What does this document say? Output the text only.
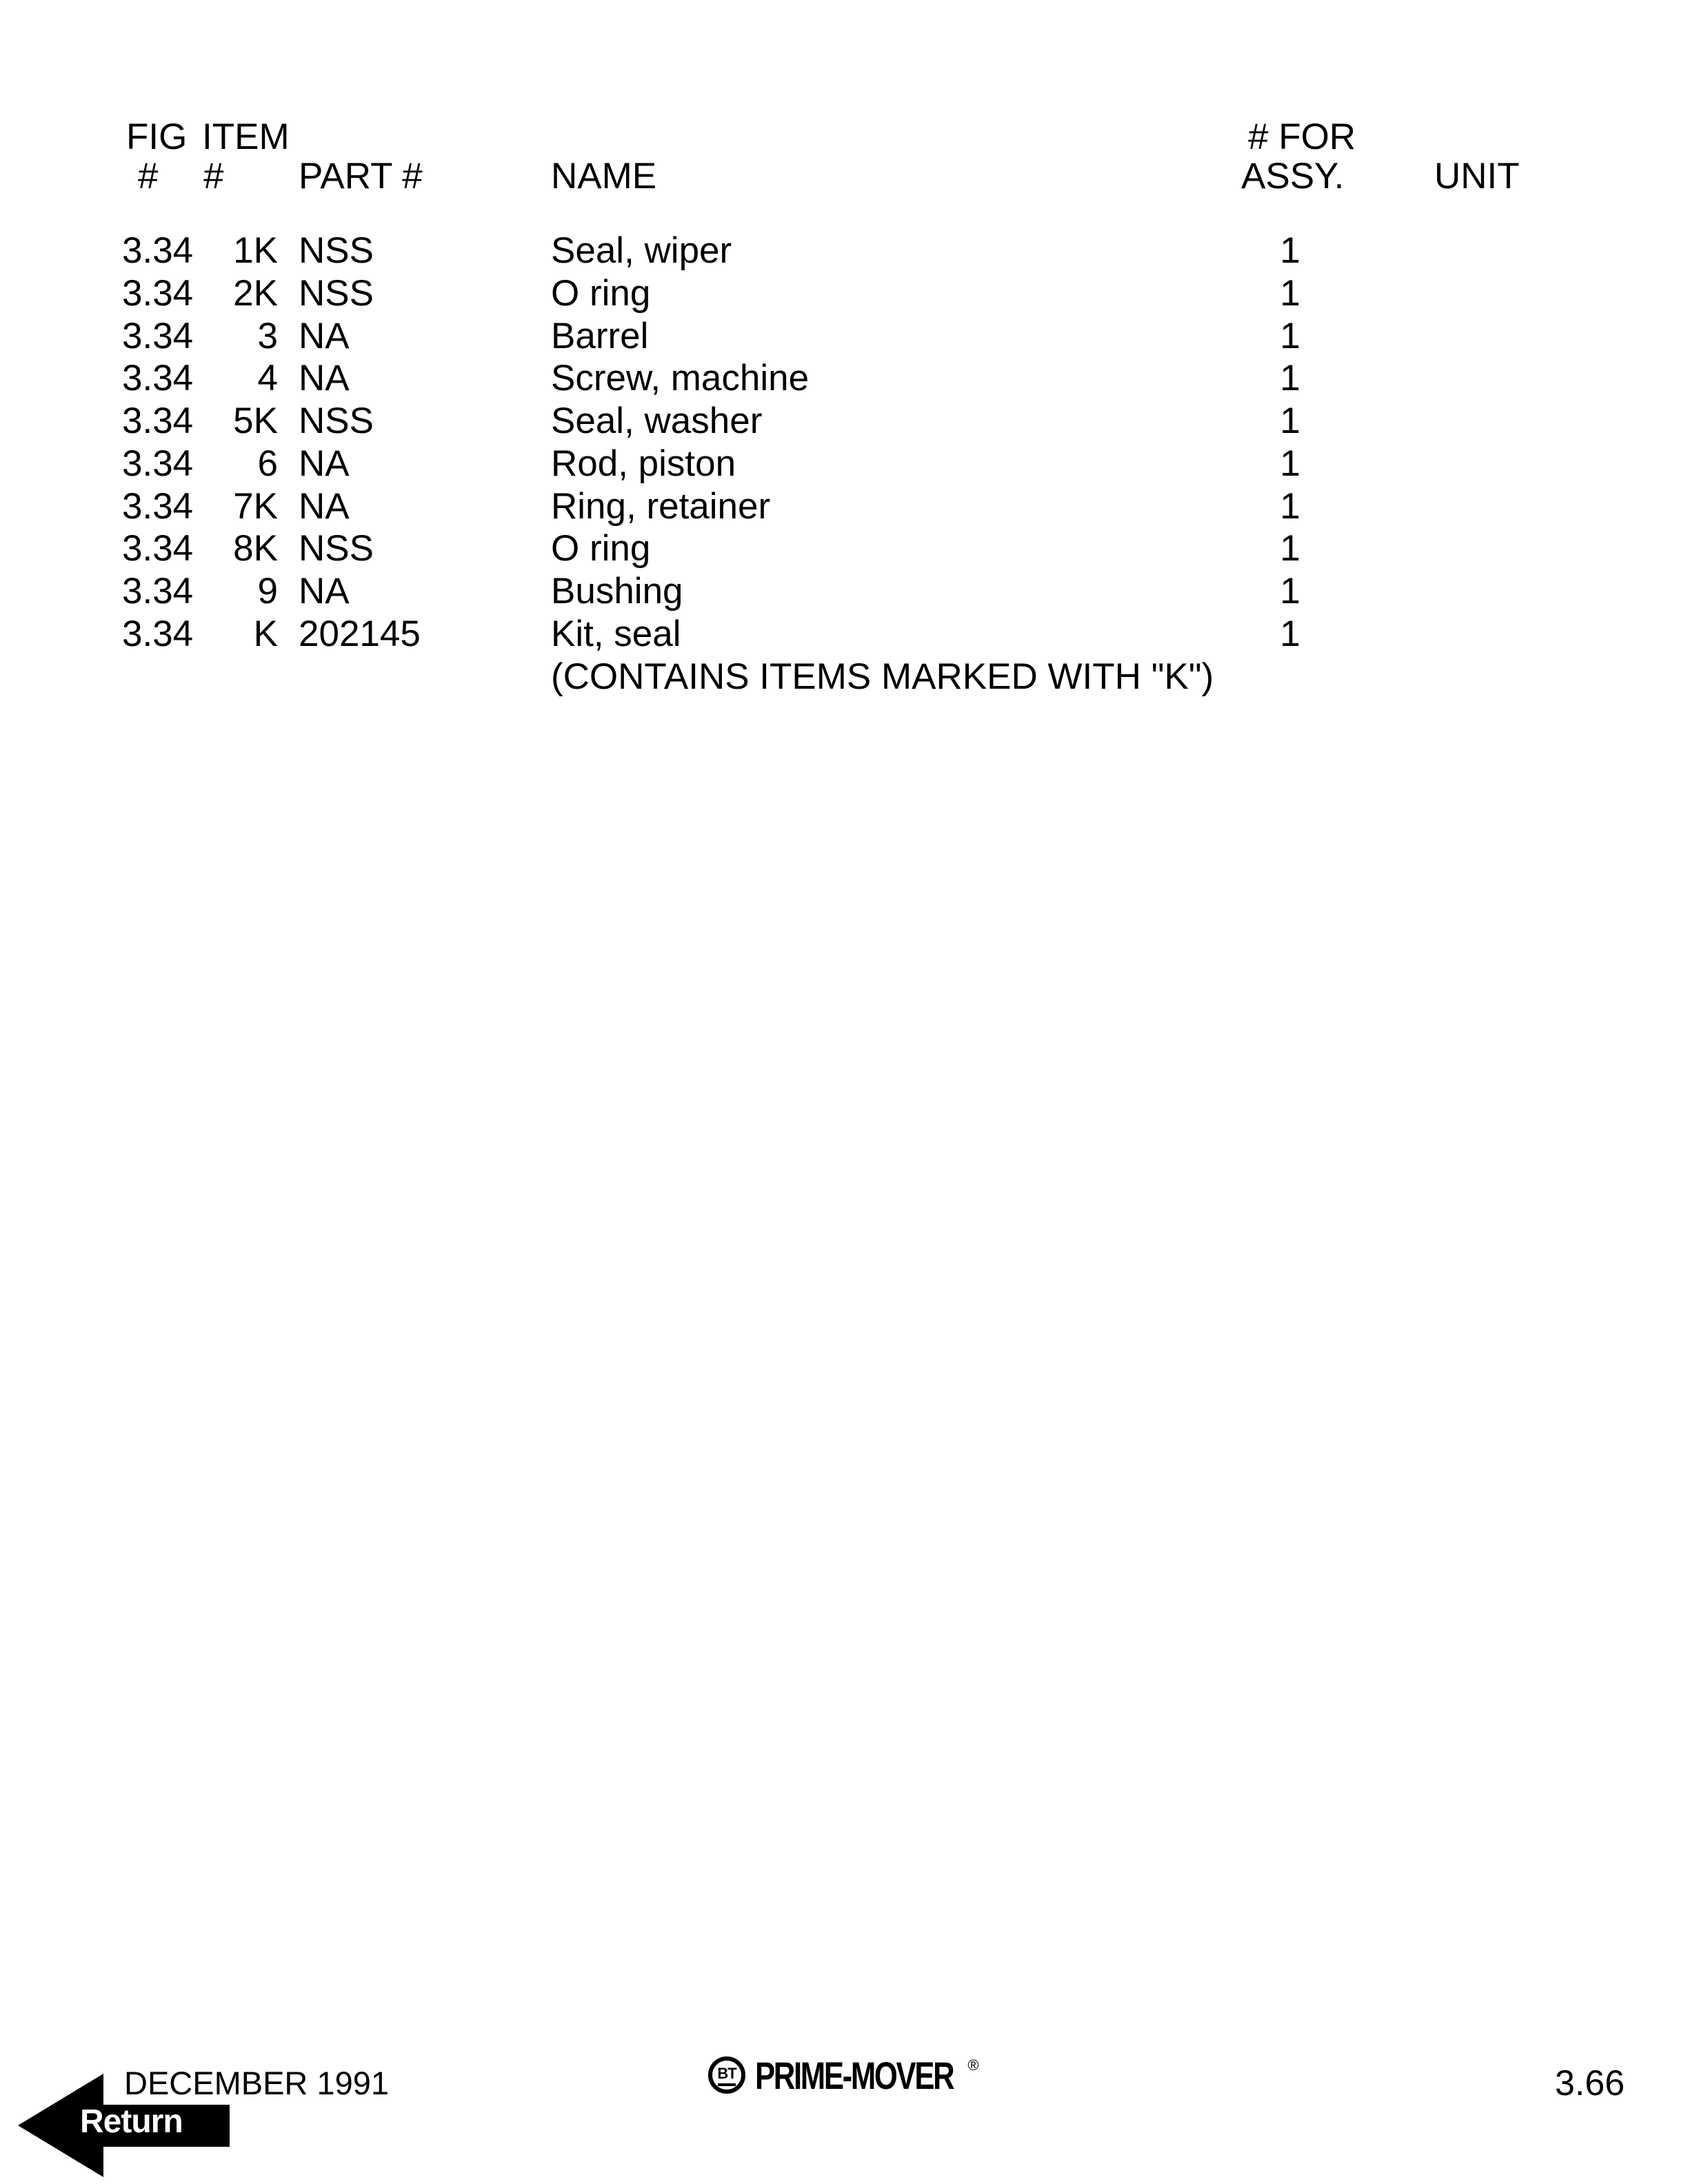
FIG ITEM	# FOR
# # PART #	NAME	ASSY. UNIT
3.34	1K NSS	Seal, wiper	1
3.34	2K NSS	O ring	1
3.34	3 NA	Barrel	1
3.34	4 NA	Screw, machine	1
3.34	5K NSS	Seal, washer	1
3.34	6 NA	Rod, piston	1
3.34	7K NA	Ring, retainer	1
3.34	8K NSS	O ring	1
3.34	9 NA	Bushing	1
3.34	K 202145	Kit, seal	1
(CONTAINS ITEMS MARKED WITH "K")
DECEMBER 1991	BT PRIME-MOVER ®	3.66
Return
